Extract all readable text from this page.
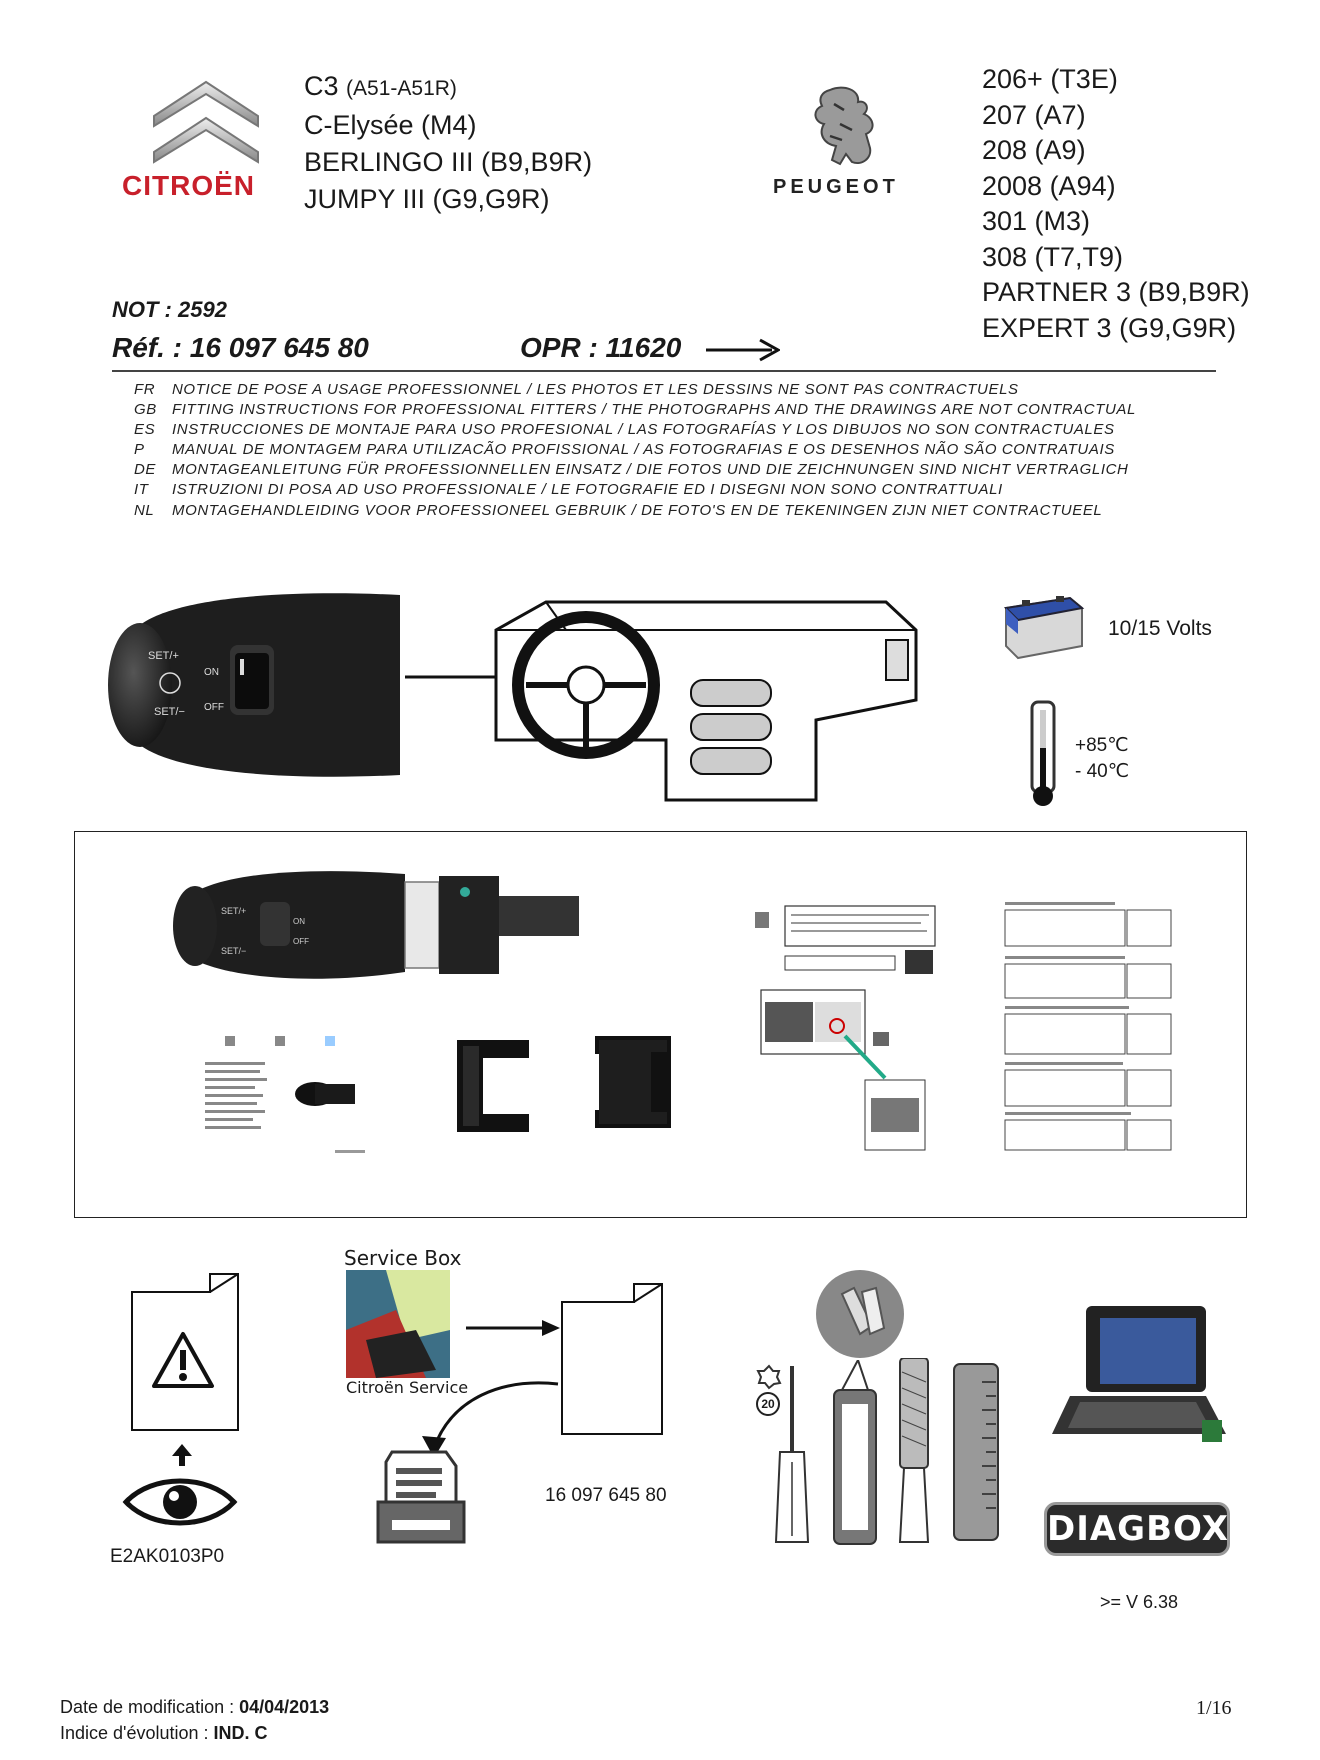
CITROËN
C3 (A51-A51R)
C-Elysée (M4)
BERLINGO III (B9,B9R)
JUMPY III (G9,G9R)	PEUGEOT
206+ (T3E)
207 (A7)
208 (A9)
2008 (A94)
301 (M3)
308 (T7,T9)
PARTNER 3 (B9,B9R)
EXPERT 3 (G9,G9R)
NOT : 2592
Réf. : 16 097 645 80	OPR : 11620
FR NOTICE DE POSE A USAGE PROFESSIONNEL / LES PHOTOS ET LES DESSINS NE SONT PAS CONTRACTUELS
GB FITTING INSTRUCTIONS FOR PROFESSIONAL FITTERS / THE PHOTOGRAPHS AND THE DRAWINGS ARE NOT CONTRACTUAL
ES INSTRUCCIONES DE MONTAJE PARA USO PROFESIONAL / LAS FOTOGRAFÍAS Y LOS DIBUJOS NO SON CONTRACTUALES
P MANUAL DE MONTAGEM PARA UTILIZACÃO PROFISSIONAL / AS FOTOGRAFIAS E OS DESENHOS NÃO SÃO CONTRATUAIS
DE MONTAGEANLEITUNG FÜR PROFESSIONNELLEN EINSATZ / DIE FOTOS UND DIE ZEICHNUNGEN SIND NICHT VERTRAGLICH
IT ISTRUZIONI DI POSA AD USO PROFESSIONALE / LE FOTOGRAFIE ED I DISEGNI NON SONO CONTRATTUALI
NL MONTAGEHANDLEIDING VOOR PROFESSIONEEL GEBRUIK / DE FOTO'S EN DE TEKENINGEN ZIJN NIET CONTRACTUEEL
SET/+
SET/−
ON
OFF
10/15 Volts
+85℃
- 40℃
SET/+
SET/−
ON
OFF
E2AK0103P0
Service Box
Citroën Service
16 097 645 80
20
DIAGBOX
>= V 6.38
Date de modification : 04/04/2013
Indice d'évolution : IND. C
1/16
